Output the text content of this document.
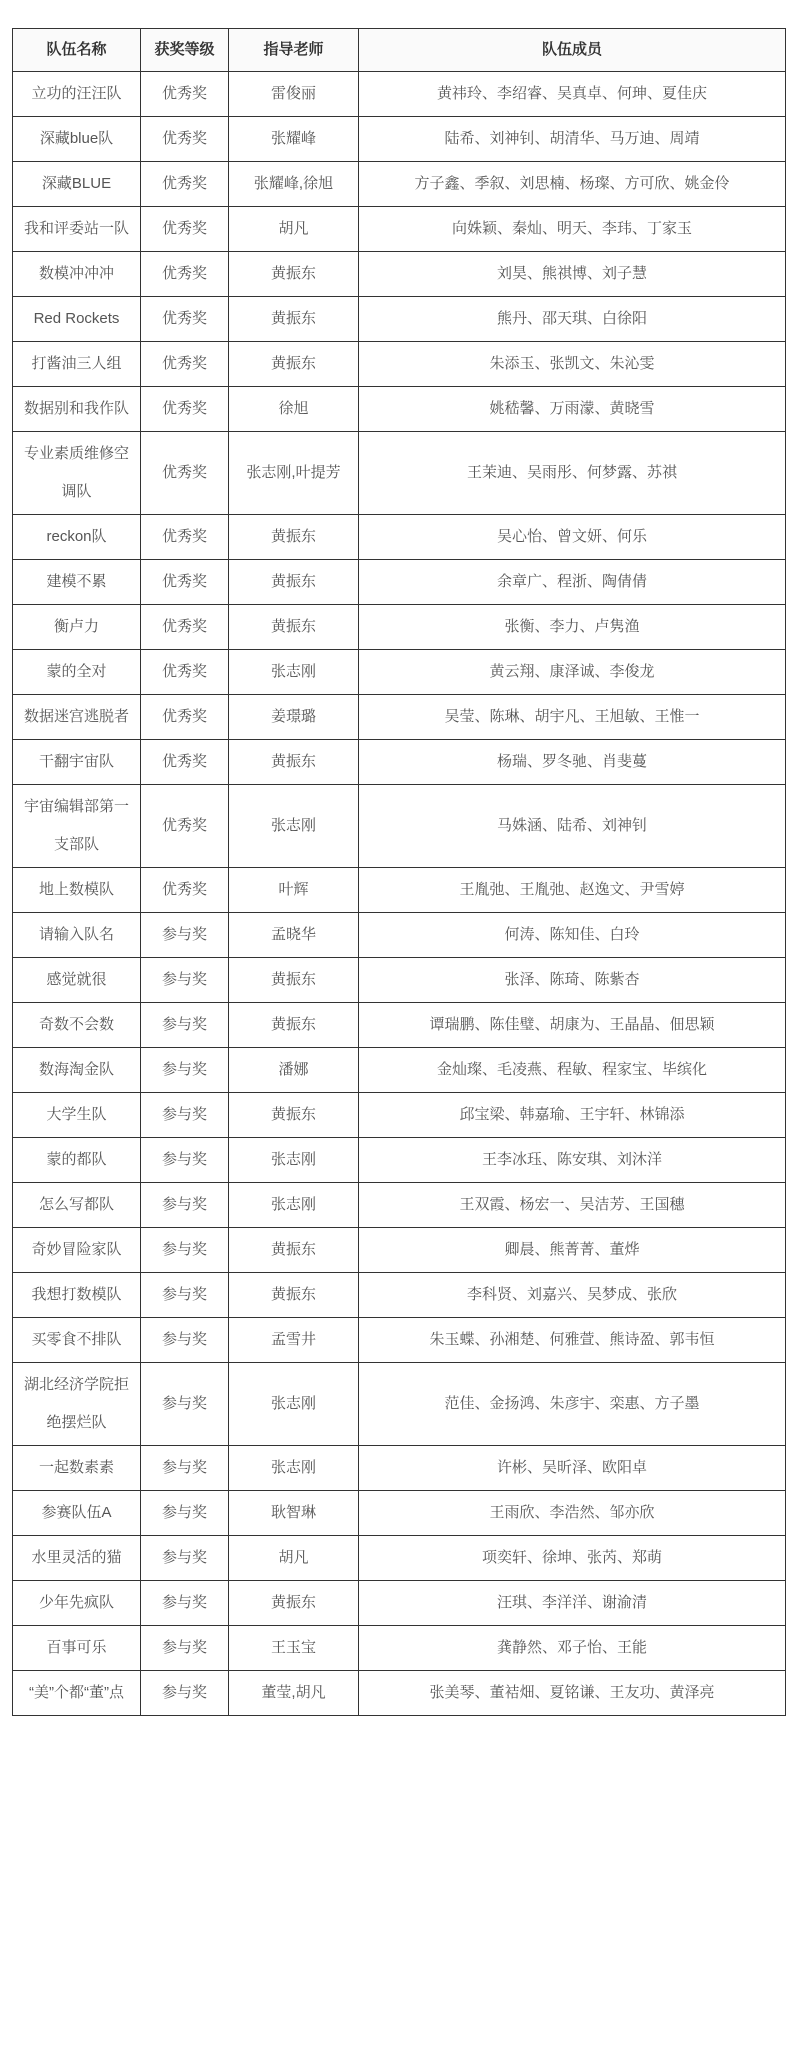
队伍名称	获奖等级	指导老师	队伍成员
立功的汪汪队	优秀奖	雷俊丽	黄祎玲、李绍睿、吴真卓、何珅、夏佳庆
深藏blue队	优秀奖	张耀峰	陆希、刘神钊、胡清华、马万迪、周靖
深藏BLUE	优秀奖	张耀峰,徐旭	方子鑫、季叙、刘思楠、杨璨、方可欣、姚金伶
我和评委站一队	优秀奖	胡凡	向姝颖、秦灿、明天、李玮、丁家玉
数模冲冲冲	优秀奖	黄振东	刘昊、熊祺博、刘子慧
Red Rockets	优秀奖	黄振东	熊丹、邵天琪、白徐阳
打酱油三人组	优秀奖	黄振东	朱添玉、张凯文、朱沁雯
数据别和我作队	优秀奖	徐旭	姚嵇馨、万雨濛、黄晓雪
专业素质维修空调队	优秀奖	张志刚,叶提芳	王茉迪、吴雨彤、何梦露、苏祺
reckon队	优秀奖	黄振东	吴心怡、曾文妍、何乐
建模不累	优秀奖	黄振东	余章广、程浙、陶倩倩
衡卢力	优秀奖	黄振东	张衡、李力、卢隽渔
蒙的全对	优秀奖	张志刚	黄云翔、康泽诚、李俊龙
数据迷宫逃脱者	优秀奖	姜璟璐	吴莹、陈琳、胡宇凡、王旭敏、王惟一
干翻宇宙队	优秀奖	黄振东	杨瑞、罗冬驰、肖斐蔓
宇宙编辑部第一支部队	优秀奖	张志刚	马姝涵、陆希、刘神钊
地上数模队	优秀奖	叶辉	王胤弛、王胤弛、赵逸文、尹雪婷
请输入队名	参与奖	孟晓华	何涛、陈知佳、白玲
感觉就很	参与奖	黄振东	张泽、陈琦、陈紫杏
奇数不会数	参与奖	黄振东	谭瑞鹏、陈佳璧、胡康为、王晶晶、佃思颖
数海淘金队	参与奖	潘娜	金灿璨、毛凌燕、程敏、程家宝、毕缤化
大学生队	参与奖	黄振东	邱宝梁、韩嘉瑜、王宇轩、林锦添
蒙的都队	参与奖	张志刚	王李冰珏、陈安琪、刘沐洋
怎么写都队	参与奖	张志刚	王双霞、杨宏一、吴洁芳、王国穗
奇妙冒险家队	参与奖	黄振东	卿晨、熊菁菁、董烨
我想打数模队	参与奖	黄振东	李科贤、刘嘉兴、吴梦成、张欣
买零食不排队	参与奖	孟雪井	朱玉蝶、孙湘楚、何雅萱、熊诗盈、郭韦恒
湖北经济学院拒绝摆烂队	参与奖	张志刚	范佳、金扬鸿、朱彦宇、栾惠、方子墨
一起数素素	参与奖	张志刚	许彬、吴昕泽、欧阳卓
参赛队伍A	参与奖	耿智琳	王雨欣、李浩然、邹亦欣
水里灵活的猫	参与奖	胡凡	项奕轩、徐坤、张芮、郑萌
少年先疯队	参与奖	黄振东	汪琪、李洋洋、谢渝清
百事可乐	参与奖	王玉宝	龚静然、邓子怡、王能
“美”个都“董”点	参与奖	董莹,胡凡	张美琴、董袺畑、夏铭谦、王友功、黄泽亮
